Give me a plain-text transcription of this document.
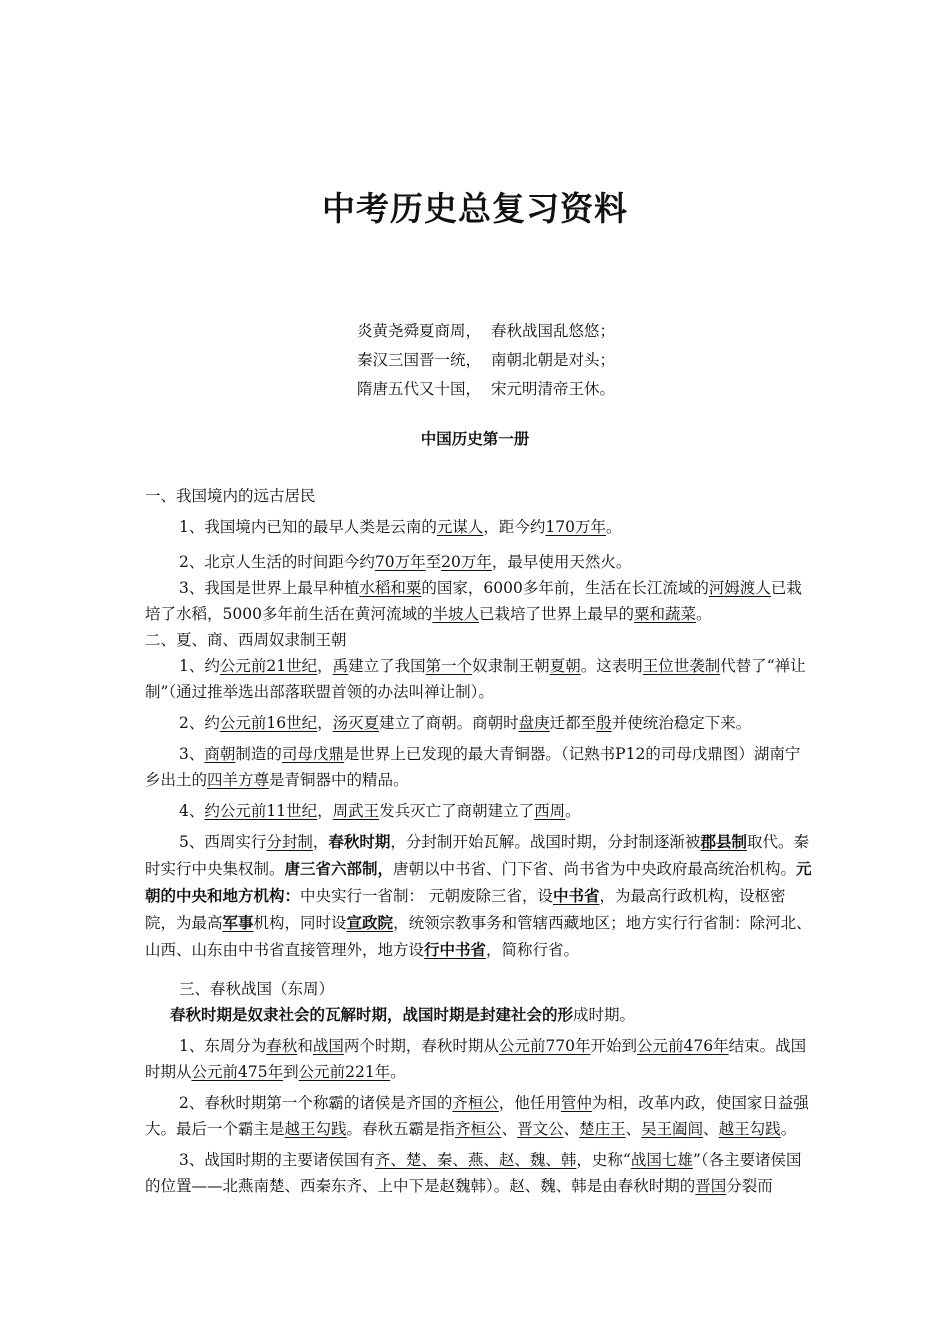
中考历史总复习资料
炎黄尧舜夏商周， 春秋战国乱悠悠；
秦汉三国晋一统， 南朝北朝是对头；
隋唐五代又十国， 宋元明清帝王休。
中国历史第一册

一、我国境内的远古居民

1、我国境内已知的最早人类是云南的元谋人，距今约170万年。

2、北京人生活的时间距今约70万年至20万年，最早使用天然火。

3、我国是世界上最早种植水稻和粟的国家，6000多年前，生活在长江流域的河姆渡人已栽培了水稻，5000多年前生活在黄河流域的半坡人已栽培了世界上最早的粟和蔬菜。

二、夏、商、西周奴隶制王朝

1、约公元前21世纪，禹建立了我国第一个奴隶制王朝夏朝。这表明王位世袭制代替了“禅让制”（通过推举选出部落联盟首领的办法叫禅让制）。

2、约公元前16世纪，汤灭夏建立了商朝。商朝时盘庚迁都至殷并使统治稳定下来。

3、商朝制造的司母戊鼎是世界上已发现的最大青铜器。（记熟书P12的司母戊鼎图）湖南宁乡出土的四羊方尊是青铜器中的精品。

4、约公元前11世纪，周武王发兵灭亡了商朝建立了西周。

5、西周实行分封制，春秋时期，分封制开始瓦解。战国时期，分封制逐渐被郡县制取代。秦时实行中央集权制。唐三省六部制，唐朝以中书省、门下省、尚书省为中央政府最高统治机构。元朝的中央和地方机构：中央实行一省制： 元朝废除三省，设中书省，为最高行政机构，设枢密院，为最高军事机构，同时设宣政院，统领宗教事务和管辖西藏地区；地方实行行省制：除河北、山西、山东由中书省直接管理外，地方设行中书省，简称行省。

三、春秋战国（东周）

春秋时期是奴隶社会的瓦解时期，战国时期是封建社会的形成时期。

1、东周分为春秋和战国两个时期，春秋时期从公元前770年开始到公元前476年结束。战国时期从公元前475年到公元前221年。

2、春秋时期第一个称霸的诸侯是齐国的齐桓公，他任用管仲为相，改革内政，使国家日益强大。最后一个霸主是越王勾践。春秋五霸是指齐桓公、晋文公、楚庄王、吴王阖闾、越王勾践。

3、战国时期的主要诸侯国有齐、楚、秦、燕、赵、魏、韩，史称“战国七雄”（各主要诸侯国的位置——北燕南楚、西秦东齐、上中下是赵魏韩）。赵、魏、韩是由春秋时期的晋国分裂而
